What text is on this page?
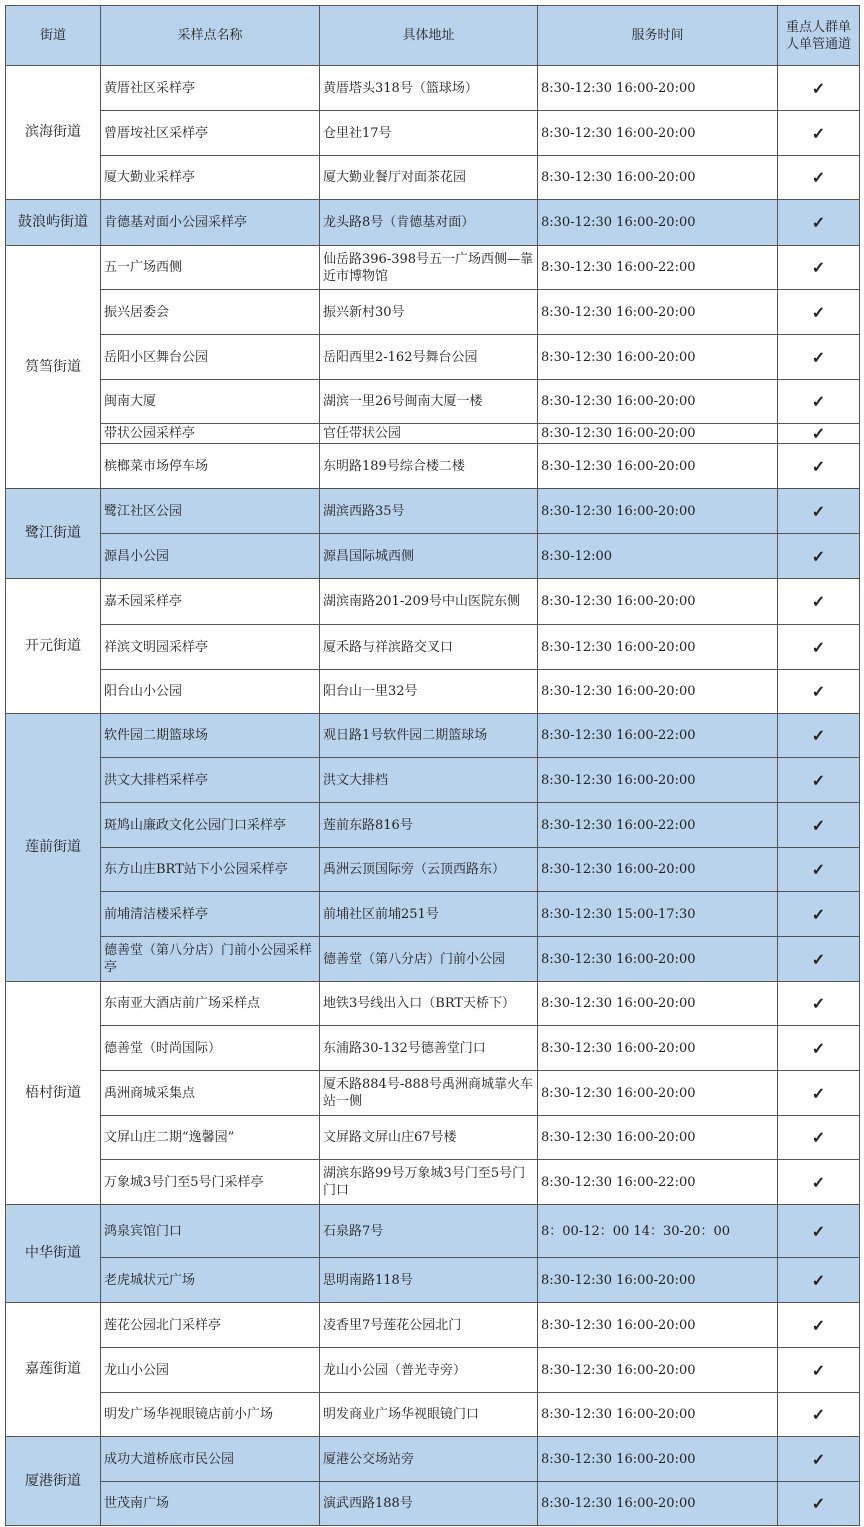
街道	采样点名称	具体地址	服务时间	重点人群单人单管通道
滨海街道	黄厝社区采样亭	黄厝塔头318号（篮球场）	8:30-12:30 16:00-20:00	✓
	曾厝垵社区采样亭	仓里社17号	8:30-12:30 16:00-20:00	✓
	厦大勤业采样亭	厦大勤业餐厅对面茶花园	8:30-12:30 16:00-20:00	✓
鼓浪屿街道	肯德基对面小公园采样亭	龙头路8号（肯德基对面）	8:30-12:30 16:00-20:00	✓
筼筜街道	五一广场西侧	仙岳路396-398号五一广场西侧—靠近市博物馆	8:30-12:30 16:00-22:00	✓
	振兴居委会	振兴新村30号	8:30-12:30 16:00-20:00	✓
	岳阳小区舞台公园	岳阳西里2-162号舞台公园	8:30-12:30 16:00-20:00	✓
	闽南大厦	湖滨一里26号闽南大厦一楼	8:30-12:30 16:00-20:00	✓
	带状公园采样亭	官任带状公园	8:30-12:30 16:00-20:00	✓
	槟榔菜市场停车场	东明路189号综合楼二楼	8:30-12:30 16:00-20:00	✓
鹭江街道	鹭江社区公园	湖滨西路35号	8:30-12:30 16:00-20:00	✓
	源昌小公园	源昌国际城西侧	8:30-12:00	✓
开元街道	嘉禾园采样亭	湖滨南路201-209号中山医院东侧	8:30-12:30 16:00-20:00	✓
	祥滨文明园采样亭	厦禾路与祥滨路交叉口	8:30-12:30 16:00-20:00	✓
	阳台山小公园	阳台山一里32号	8:30-12:30 16:00-20:00	✓
莲前街道	软件园二期篮球场	观日路1号软件园二期篮球场	8:30-12:30 16:00-22:00	✓
	洪文大排档采样亭	洪文大排档	8:30-12:30 16:00-20:00	✓
	斑鸠山廉政文化公园门口采样亭	莲前东路816号	8:30-12:30 16:00-22:00	✓
	东方山庄BRT站下小公园采样亭	禹洲云顶国际旁（云顶西路东）	8:30-12:30 16:00-20:00	✓
	前埔清洁楼采样亭	前埔社区前埔251号	8:30-12:30 15:00-17:30	✓
	德善堂（第八分店）门前小公园采样亭	德善堂（第八分店）门前小公园	8:30-12:30 16:00-20:00	✓
梧村街道	东南亚大酒店前广场采样点	地铁3号线出入口（BRT天桥下）	8:30-12:30 16:00-20:00	✓
	德善堂（时尚国际）	东浦路30-132号德善堂门口	8:30-12:30 16:00-20:00	✓
	禹洲商城采集点	厦禾路884号-888号禹洲商城靠火车站一侧	8:30-12:30 16:00-20:00	✓
	文屏山庄二期“逸馨园”	文屏路文屏山庄67号楼	8:30-12:30 16:00-20:00	✓
	万象城3号门至5号门采样亭	湖滨东路99号万象城3号门至5号门门口	8:30-12:30 16:00-22:00	✓
中华街道	鸿泉宾馆门口	石泉路7号	8：00-12：00 14：30-20：00	✓
	老虎城状元广场	思明南路118号	8:30-12:30 16:00-20:00	✓
嘉莲街道	莲花公园北门采样亭	凌香里7号莲花公园北门	8:30-12:30 16:00-20:00	✓
	龙山小公园	龙山小公园（普光寺旁）	8:30-12:30 16:00-20:00	✓
	明发广场华视眼镜店前小广场	明发商业广场华视眼镜门口	8:30-12:30 16:00-20:00	✓
厦港街道	成功大道桥底市民公园	厦港公交场站旁	8:30-12:30 16:00-20:00	✓
	世茂南广场	演武西路188号	8:30-12:30 16:00-20:00	✓
